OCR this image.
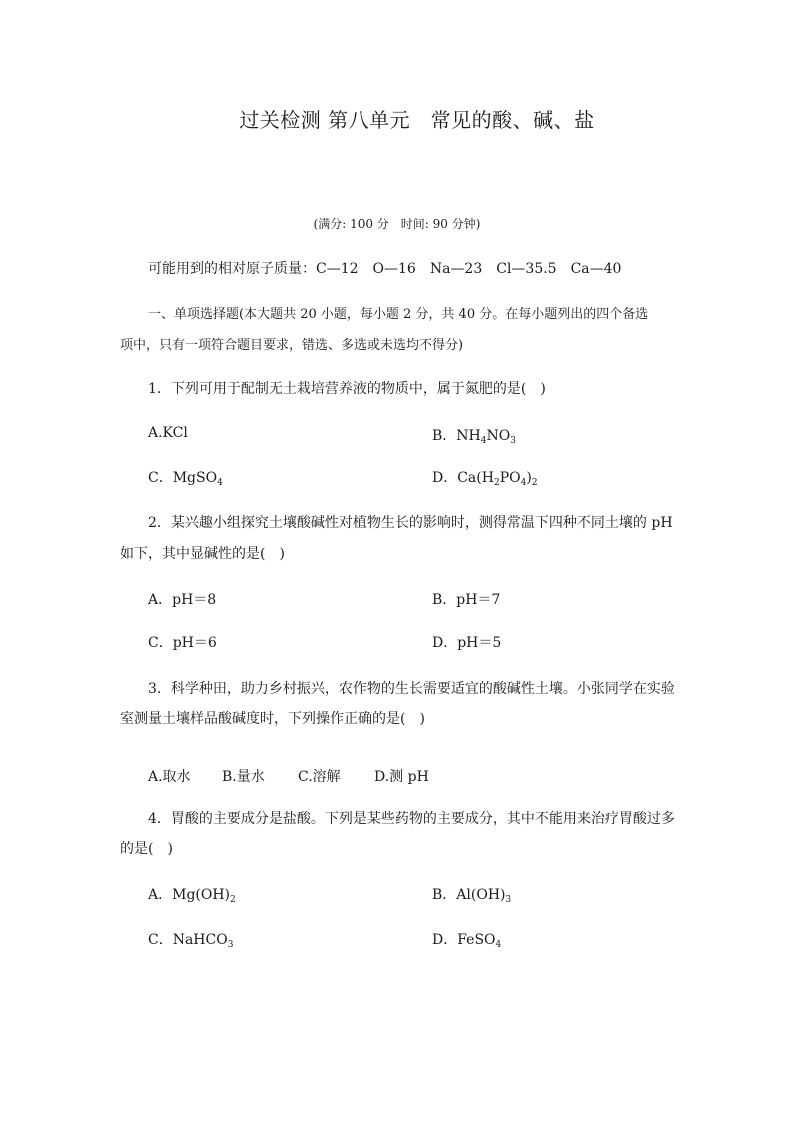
过关检测 第八单元　常见的酸、碱、盐
(满分: 100 分　时间: 90 分钟)
可能用到的相对原子质量：C—12　O—16　Na—23　Cl—35.5　Ca—40
一、单项选择题(本大题共 20 小题，每小题 2 分，共 40 分。在每小题列出的四个备选
项中，只有一项符合题目要求，错选、多选或未选均不得分)
1．下列可用于配制无土栽培营养液的物质中，属于氮肥的是(　)
A.KCl	B．$NH_4NO_3$
C．MgSO$_4$	D．$Ca(H_2PO_4)_2$
2．某兴趣小组探究土壤酸碱性对植物生长的影响时，测得常温下四种不同土壤的 pH
如下，其中显碱性的是(　)
A．pH＝8	B．pH＝7
C．pH＝6	D．pH＝5
3．科学种田，助力乡村振兴，农作物的生长需要适宜的酸碱性土壤。小张同学在实验
室测量土壤样品酸碱度时，下列操作正确的是(　)
A.取水 B.量水 C.溶解 D.测 pH
4．胃酸的主要成分是盐酸。下列是某些药物的主要成分，其中不能用来治疗胃酸过多
的是(　)
A．$Mg(OH)_2$	B．$Al(OH)_3$
C．NaHCO$_3$	D．FeSO$_4$
